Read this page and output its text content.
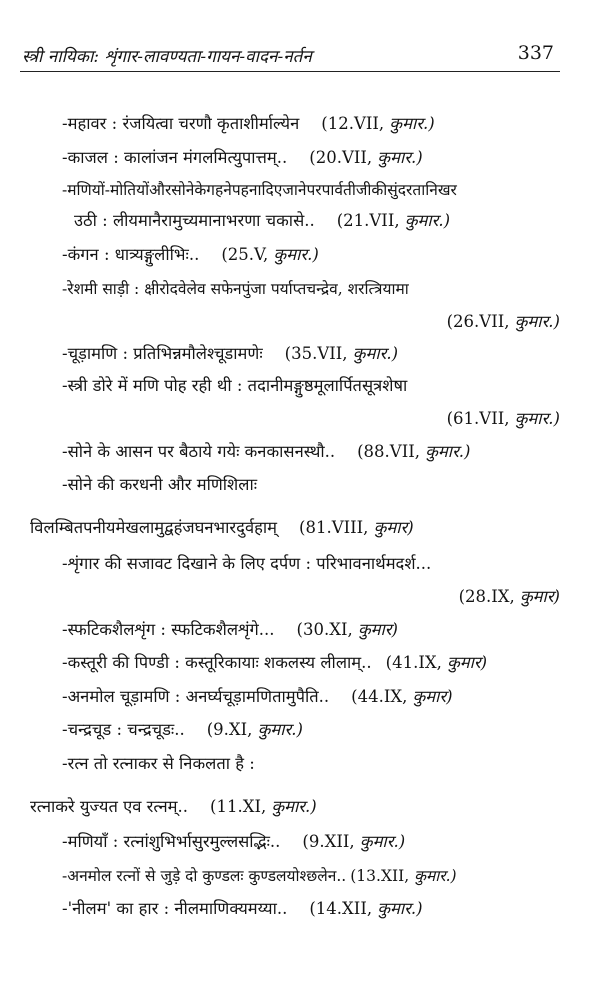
स्त्री नायिका: शृंगार-लावण्यता-गायन-वादन-नर्तन	337
-महावर : रंजयित्वा चरणौ कृताशीर्माल्येन (12.VII, कुमार.)
-काजल : कालांजन मंगलमित्युपात्तम्.. (20.VII, कुमार.)
-मणियों-मोतियोंऔरसोनेकेगहनेपहनादिएजानेपरपार्वतीजीकीसुंदरतानिखर
उठी : लीयमानैरामुच्यमानाभरणा चकासे.. (21.VII, कुमार.)
-कंगन : धात्र्यङ्गुलीभिः.. (25.V, कुमार.)
-रेशमी साड़ी : क्षीरोदवेलेव सफेनपुंजा पर्याप्तचन्द्रेव, शरत्त्रियामा
(26.VII, कुमार.)
-चूड़ामणि : प्रतिभिन्नमौलेश्चूडामणेः (35.VII, कुमार.)
-स्त्री डोरे में मणि पोह रही थी : तदानीमङ्गुष्ठमूलार्पितसूत्रशेषा
(61.VII, कुमार.)
-सोने के आसन पर बैठाये गयेः कनकासनस्थौ.. (88.VII, कुमार.)
-सोने की करधनी और मणिशिलाः
विलम्बितपनीयमेखलामुद्वहंजघनभारदुर्वहाम् (81.VIII, कुमार)
-शृंगार की सजावट दिखाने के लिए दर्पण : परिभावनार्थमदर्श...
(28.IX, कुमार)
-स्फटिकशैलशृंग : स्फटिकशैलशृंगे... (30.XI, कुमार)
-कस्तूरी की पिण्डी : कस्तूरिकायाः शकलस्य लीलाम्.. (41.IX, कुमार)
-अनमोल चूड़ामणि : अनर्घ्यचूड़ामणितामुपैति.. (44.IX, कुमार)
-चन्द्रचूड : चन्द्रचूडः.. (9.XI, कुमार.)
-रत्न तो रत्नाकर से निकलता है :
रत्नाकरे युज्यत एव रत्नम्.. (11.XI, कुमार.)
-मणियाँ : रत्नांशुभिर्भासुरमुल्लसद्भिः.. (9.XII, कुमार.)
-अनमोल रत्नों से जुड़े दो कुण्डलः कुण्डलयोश्छलेन.. (13.XII, कुमार.)
-'नीलम' का हार : नीलमाणिक्यमय्या.. (14.XII, कुमार.)
